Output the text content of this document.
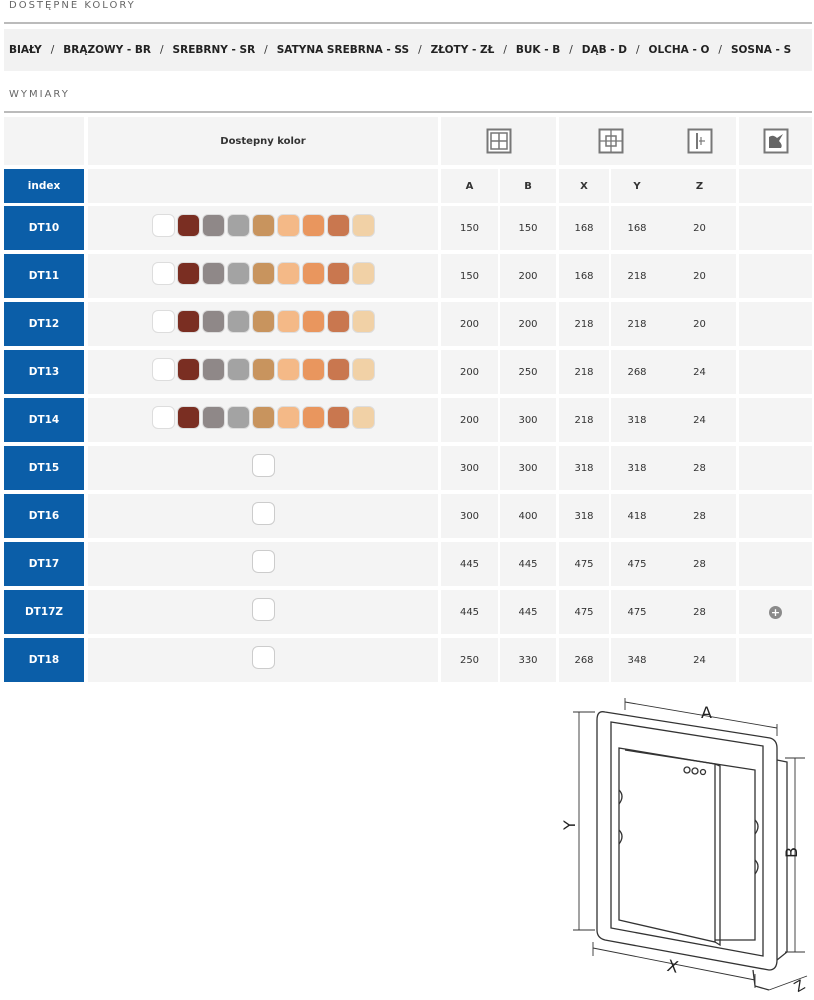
DOSTĘPNE KOLORY
BIAŁY / BRĄZOWY - BR / SREBRNY - SR / SATYNA SREBRNA - SS / ZŁOTY - ZŁ / BUK - B / DĄB - D / OLCHA - O / SOSNA - S
WYMIARY
Dostepny kolor
index	A	B	X	Y	Z
DT10	150	150	168	168	20
DT11	150	200	168	218	20
DT12	200	200	218	218	20
DT13	200	250	218	268	24
DT14	200	300	218	318	24
DT15	300	300	318	318	28
DT16	300	400	318	418	28
DT17	445	445	475	475	28
DT17Z	445	445	475	475	28	+
DT18	250	330	268	348	24
A
Y
B
X
Z
